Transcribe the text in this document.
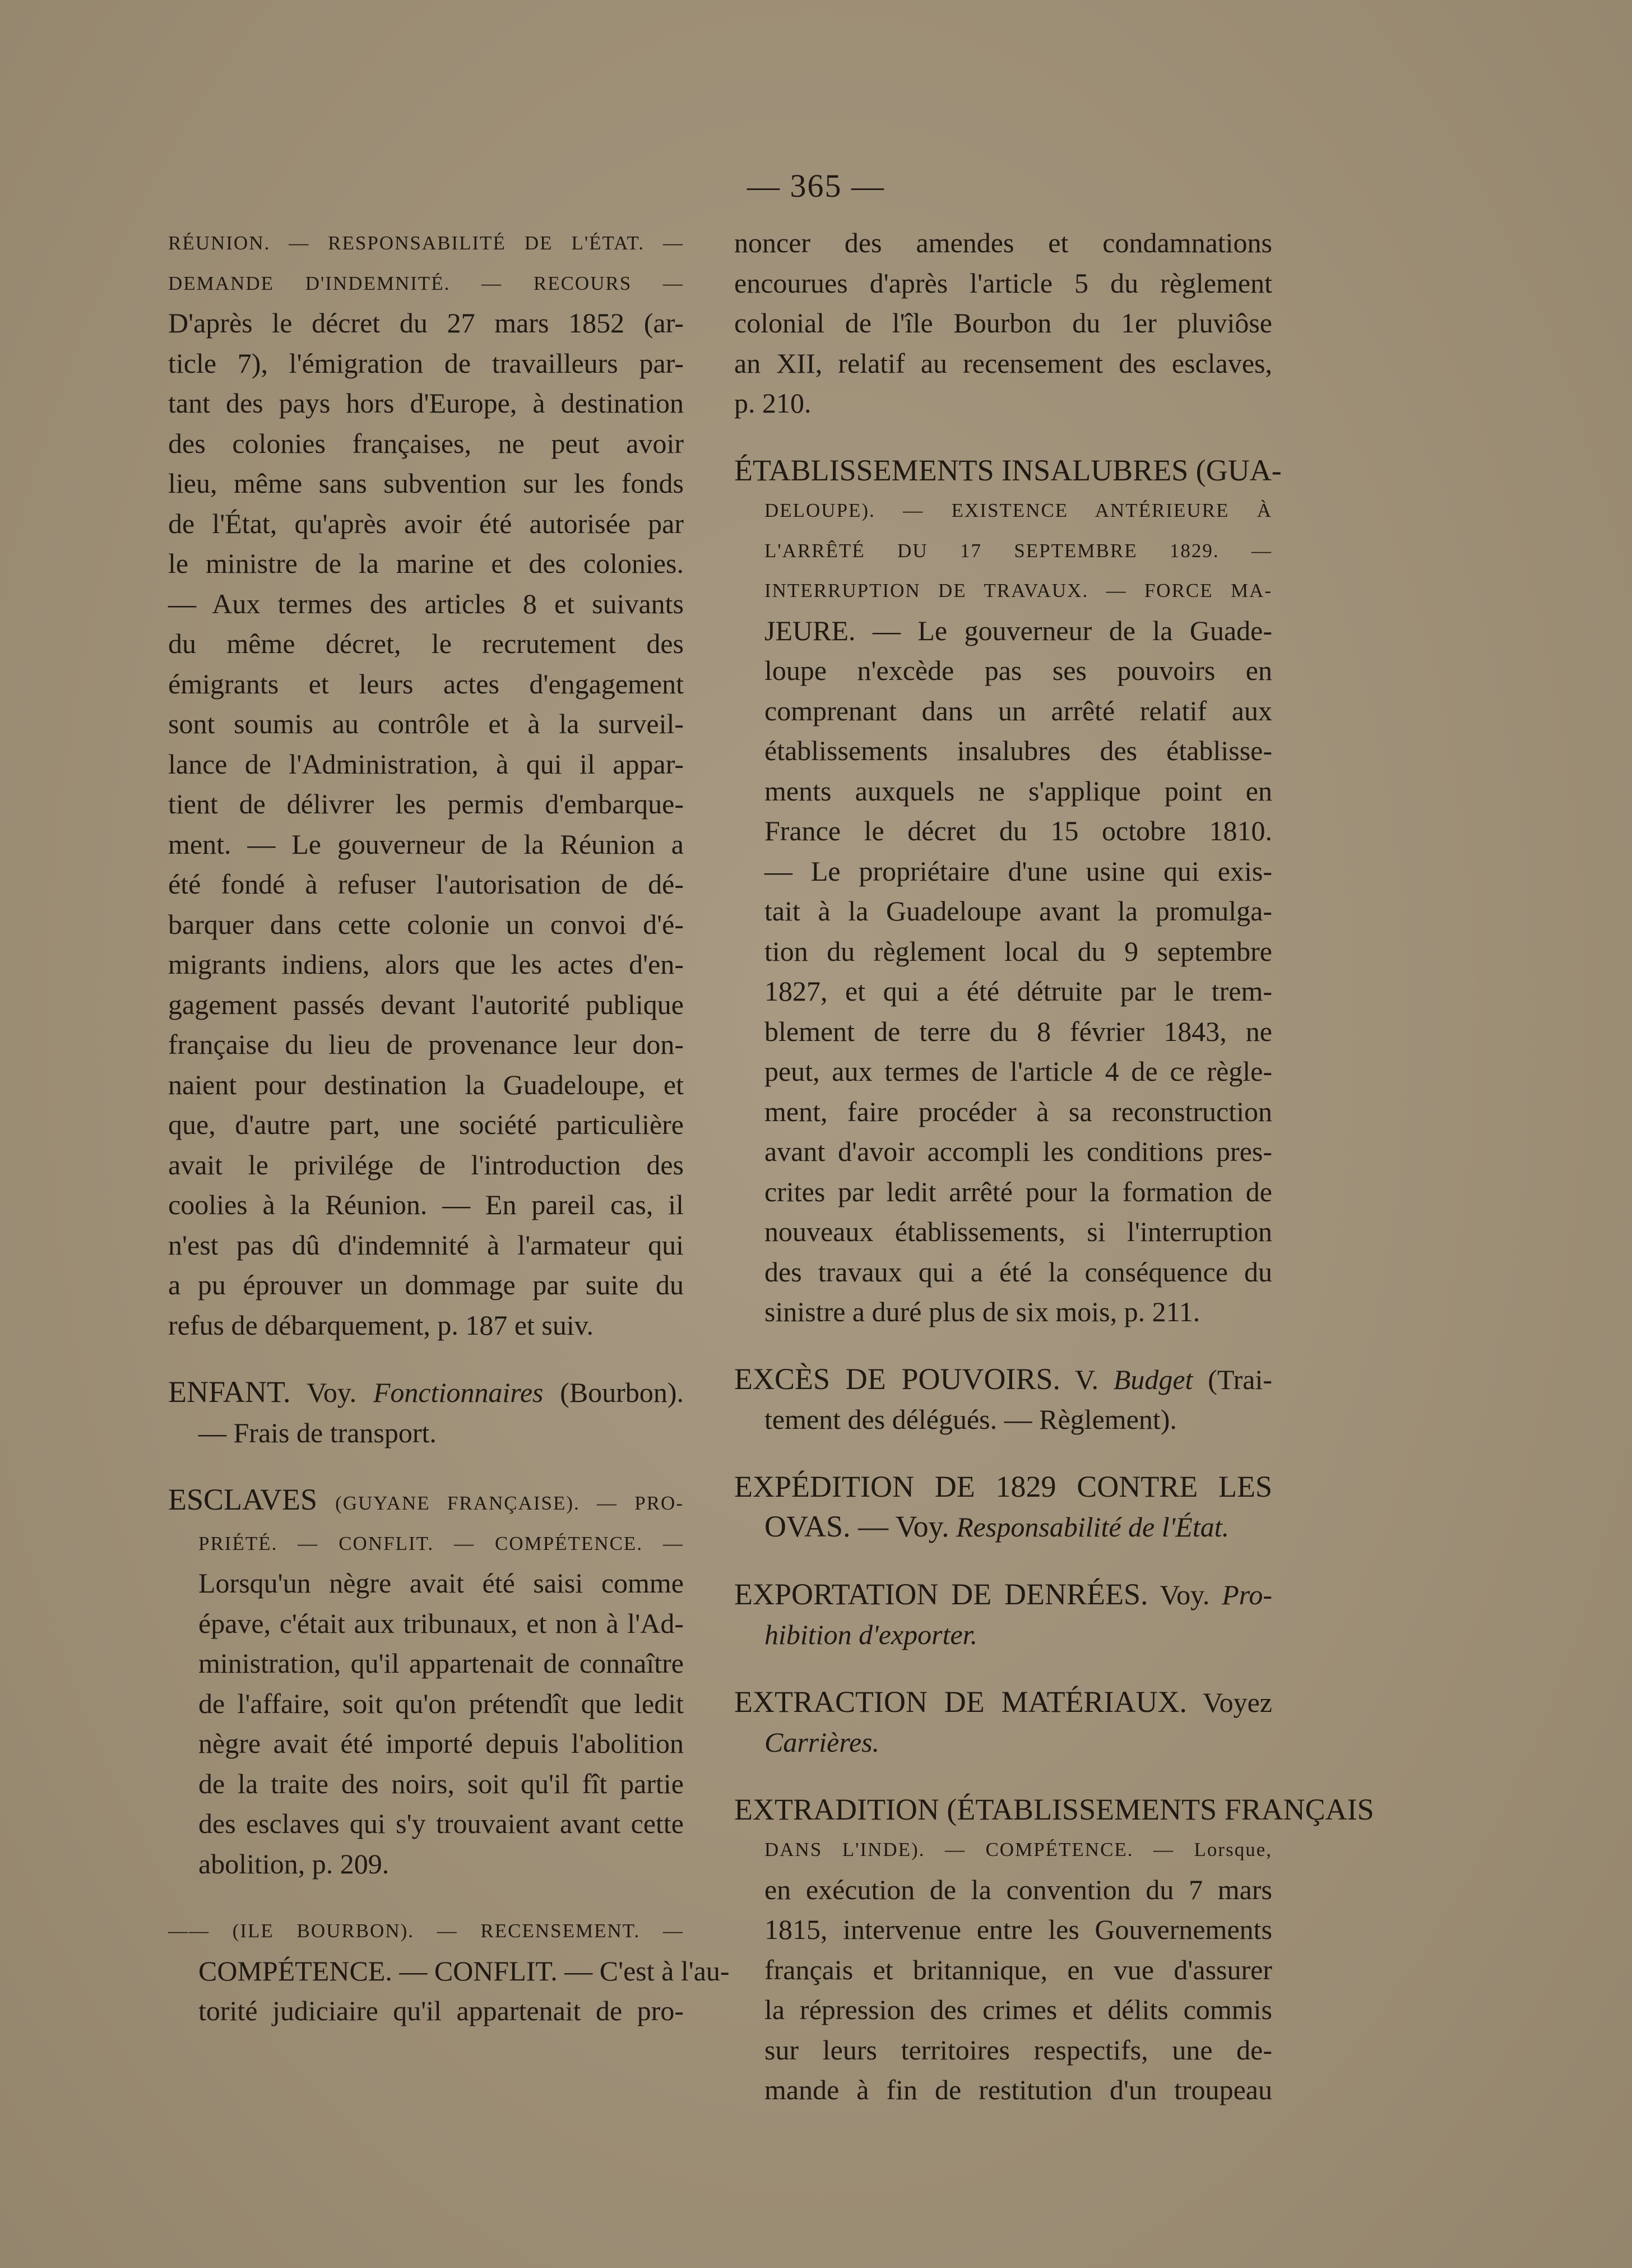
— 365 —
RÉUNION. — RESPONSABILITÉ DE L'ÉTAT. —
DEMANDE D'INDEMNITÉ. — RECOURS —
D'après le décret du 27 mars 1852 (ar-
ticle 7), l'émigration de travailleurs par-
tant des pays hors d'Europe, à destination
des colonies françaises, ne peut avoir
lieu, même sans subvention sur les fonds
de l'État, qu'après avoir été autorisée par
le ministre de la marine et des colonies.
— Aux termes des articles 8 et suivants
du même décret, le recrutement des
émigrants et leurs actes d'engagement
sont soumis au contrôle et à la surveil-
lance de l'Administration, à qui il appar-
tient de délivrer les permis d'embarque-
ment. — Le gouverneur de la Réunion a
été fondé à refuser l'autorisation de dé-
barquer dans cette colonie un convoi d'é-
migrants indiens, alors que les actes d'en-
gagement passés devant l'autorité publique
française du lieu de provenance leur don-
naient pour destination la Guadeloupe, et
que, d'autre part, une société particulière
avait le privilége de l'introduction des
coolies à la Réunion. — En pareil cas, il
n'est pas dû d'indemnité à l'armateur qui
a pu éprouver un dommage par suite du
refus de débarquement, p. 187 et suiv.
ENFANT. Voy. Fonctionnaires (Bourbon).
— Frais de transport.
ESCLAVES (GUYANE FRANÇAISE). — PRO-
PRIÉTÉ. — CONFLIT. — COMPÉTENCE. —
Lorsqu'un nègre avait été saisi comme
épave, c'était aux tribunaux, et non à l'Ad-
ministration, qu'il appartenait de connaître
de l'affaire, soit qu'on prétendît que ledit
nègre avait été importé depuis l'abolition
de la traite des noirs, soit qu'il fît partie
des esclaves qui s'y trouvaient avant cette
abolition, p. 209.
—— (ILE BOURBON). — RECENSEMENT. —
COMPÉTENCE. — CONFLIT. — C'est à l'au-
torité judiciaire qu'il appartenait de pro-
noncer des amendes et condamnations
encourues d'après l'article 5 du règlement
colonial de l'île Bourbon du 1er pluviôse
an XII, relatif au recensement des esclaves,
p. 210.
ÉTABLISSEMENTS INSALUBRES (GUA-
DELOUPE). — EXISTENCE ANTÉRIEURE À
L'ARRÊTÉ DU 17 SEPTEMBRE 1829. —
INTERRUPTION DE TRAVAUX. — FORCE MA-
JEURE. — Le gouverneur de la Guade-
loupe n'excède pas ses pouvoirs en
comprenant dans un arrêté relatif aux
établissements insalubres des établisse-
ments auxquels ne s'applique point en
France le décret du 15 octobre 1810.
— Le propriétaire d'une usine qui exis-
tait à la Guadeloupe avant la promulga-
tion du règlement local du 9 septembre
1827, et qui a été détruite par le trem-
blement de terre du 8 février 1843, ne
peut, aux termes de l'article 4 de ce règle-
ment, faire procéder à sa reconstruction
avant d'avoir accompli les conditions pres-
crites par ledit arrêté pour la formation de
nouveaux établissements, si l'interruption
des travaux qui a été la conséquence du
sinistre a duré plus de six mois, p. 211.
EXCÈS DE POUVOIRS. V. Budget (Trai-
tement des délégués. — Règlement).
EXPÉDITION DE 1829 CONTRE LES
OVAS. — Voy. Responsabilité de l'État.
EXPORTATION DE DENRÉES. Voy. Pro-
hibition d'exporter.
EXTRACTION DE MATÉRIAUX. Voyez
Carrières.
EXTRADITION (ÉTABLISSEMENTS FRANÇAIS
DANS L'INDE). — COMPÉTENCE. — Lorsque,
en exécution de la convention du 7 mars
1815, intervenue entre les Gouvernements
français et britannique, en vue d'assurer
la répression des crimes et délits commis
sur leurs territoires respectifs, une de-
mande à fin de restitution d'un troupeau
